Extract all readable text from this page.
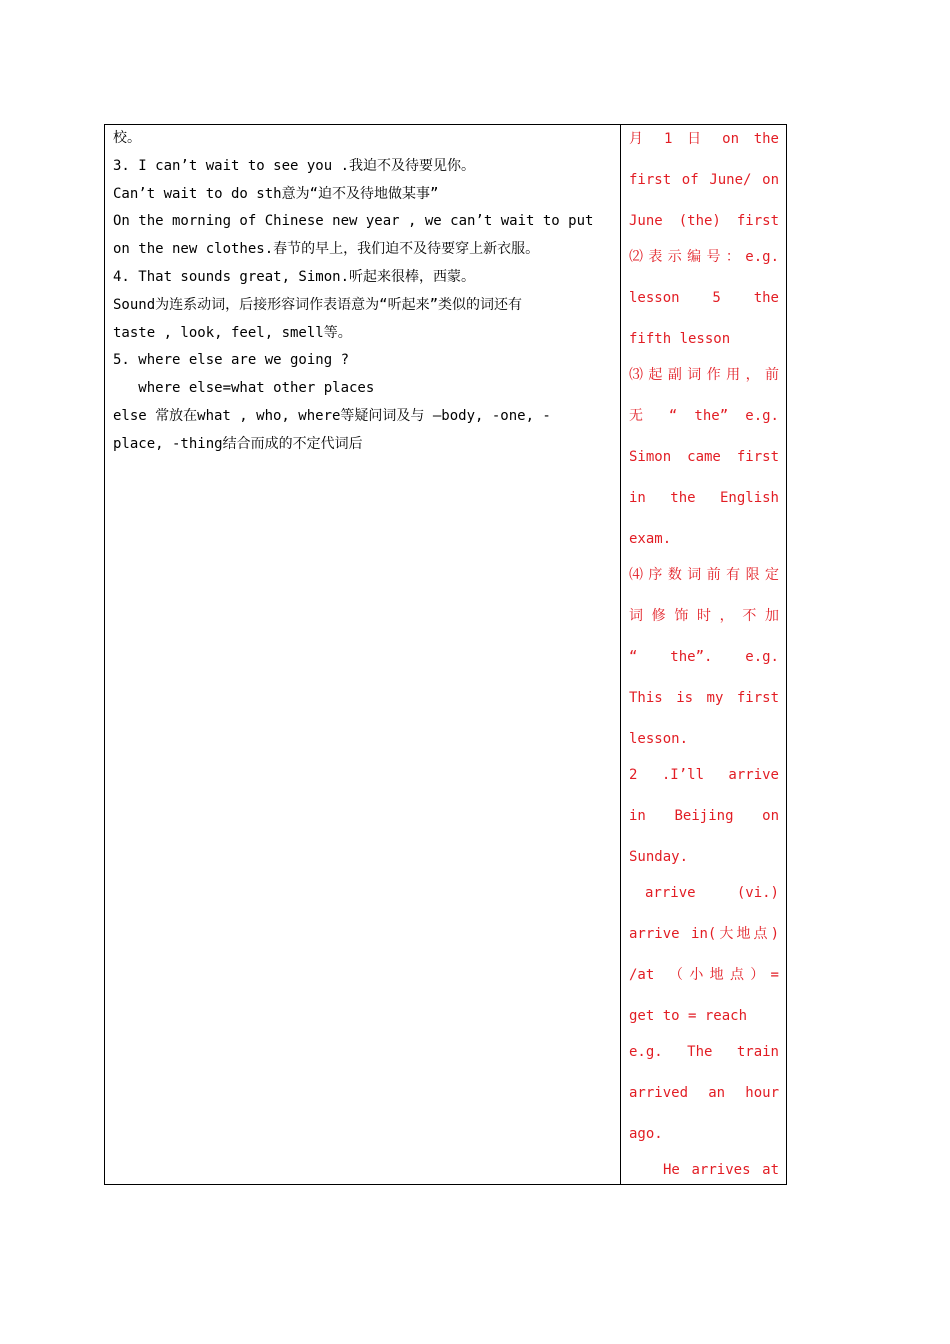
校。

3. I can’t wait to see you .我迫不及待要见你。

Can’t wait to do sth意为“迫不及待地做某事”

On the morning of Chinese new year , we can’t wait to put

on the new clothes.春节的早上，我们迫不及待要穿上新衣服。

4. That sounds great, Simon.听起来很棒，西蒙。

Sound为连系动词，后接形容词作表语意为“听起来”类似的词还有

taste , look, feel, smell等。

5. where else are we going ?

where else=what other places

else 常放在what , who, where等疑问词及与 –body, -one, -

place, -thing结合而成的不定代词后

月 1 日 on the

first of June/ on

June (the) first

⑵表示编号：e.g.

lesson 5 the

fifth lesson

⑶起副词作用，前

无 “ the” e.g.

Simon came first

in the English

exam.

⑷序数词前有限定

词修饰时，不加

“ the”. e.g.

This is my first

lesson.

2 .I’ll arrive

in Beijing on

Sunday.

arrive (vi.)

arrive in(大地点)

/at （小地点）=

get to = reach

e.g. The train

arrived an hour

ago.

He arrives at
